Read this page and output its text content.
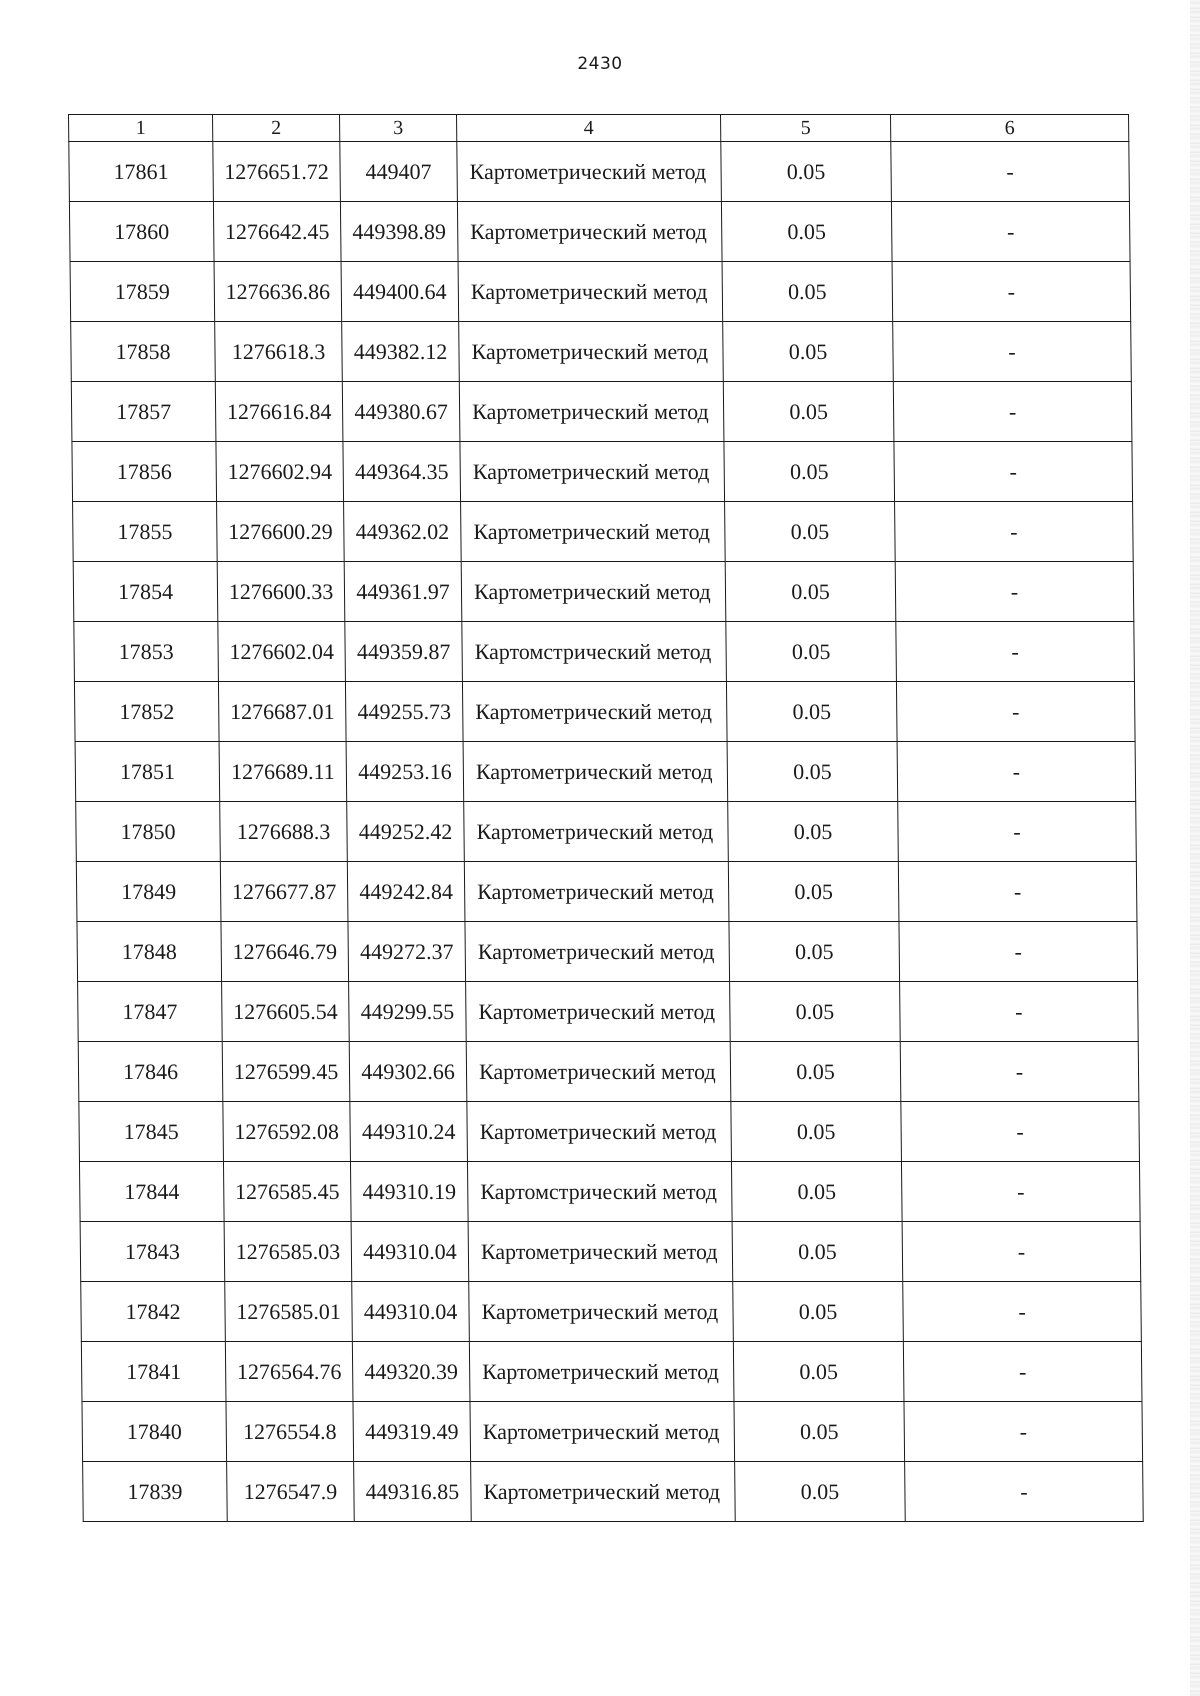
2430
1	2	3	4	5	6
17861	1276651.72	449407	Картометрический метод	0.05	-
17860	1276642.45	449398.89	Картометрический метод	0.05	-
17859	1276636.86	449400.64	Картометрический метод	0.05	-
17858	1276618.3	449382.12	Картометрический метод	0.05	-
17857	1276616.84	449380.67	Картометрический метод	0.05	-
17856	1276602.94	449364.35	Картометрический метод	0.05	-
17855	1276600.29	449362.02	Картометрический метод	0.05	-
17854	1276600.33	449361.97	Картометрический метод	0.05	-
17853	1276602.04	449359.87	Картомстрический метод	0.05	-
17852	1276687.01	449255.73	Картометрический метод	0.05	-
17851	1276689.11	449253.16	Картометрический метод	0.05	-
17850	1276688.3	449252.42	Картометрический метод	0.05	-
17849	1276677.87	449242.84	Картометрический метод	0.05	-
17848	1276646.79	449272.37	Картометрический метод	0.05	-
17847	1276605.54	449299.55	Картометрический метод	0.05	-
17846	1276599.45	449302.66	Картометрический метод	0.05	-
17845	1276592.08	449310.24	Картометрический метод	0.05	-
17844	1276585.45	449310.19	Картомстрический метод	0.05	-
17843	1276585.03	449310.04	Картометрический метод	0.05	-
17842	1276585.01	449310.04	Картометрический метод	0.05	-
17841	1276564.76	449320.39	Картометрический метод	0.05	-
17840	1276554.8	449319.49	Картометрический метод	0.05	-
17839	1276547.9	449316.85	Картометрический метод	0.05	-
